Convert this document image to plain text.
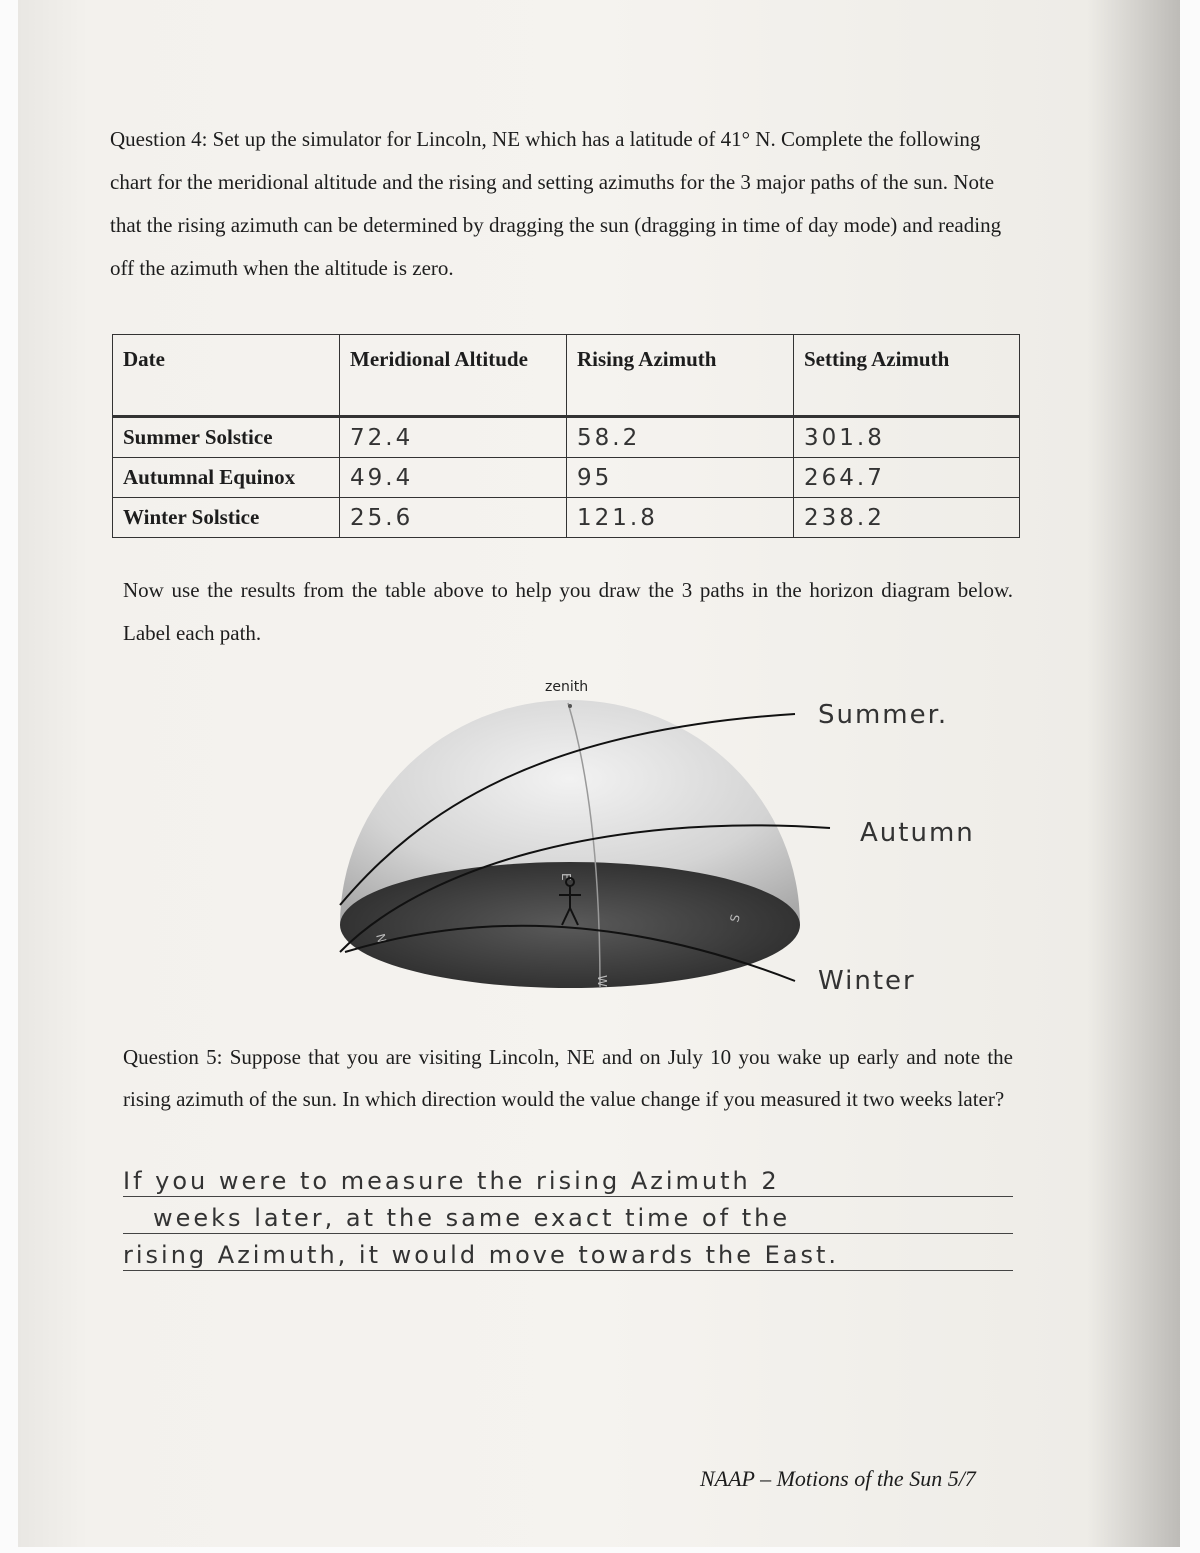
Question 4: Set up the simulator for Lincoln, NE which has a latitude of 41° N. Complete the following chart for the meridional altitude and the rising and setting azimuths for the 3 major paths of the sun. Note that the rising azimuth can be determined by dragging the sun (dragging in time of day mode) and reading off the azimuth when the altitude is zero.

Date	Meridional Altitude	Rising Azimuth	Setting Azimuth
Summer Solstice	72.4	58.2	301.8
Autumnal Equinox	49.4	95	264.7
Winter Solstice	25.6	121.8	238.2
Now use the results from the table above to help you draw the 3 paths in the horizon diagram below. Label each path.
zenith
N
E
S
W
Summer.
Autumn
Winter

Question 5: Suppose that you are visiting Lincoln, NE and on July 10 you wake up early and note the rising azimuth of the sun. In which direction would the value change if you measured it two weeks later?

If you were to measure the rising Azimuth 2
weeks later, at the same exact time of the
rising Azimuth, it would move towards the East.
NAAP – Motions of the Sun 5/7
